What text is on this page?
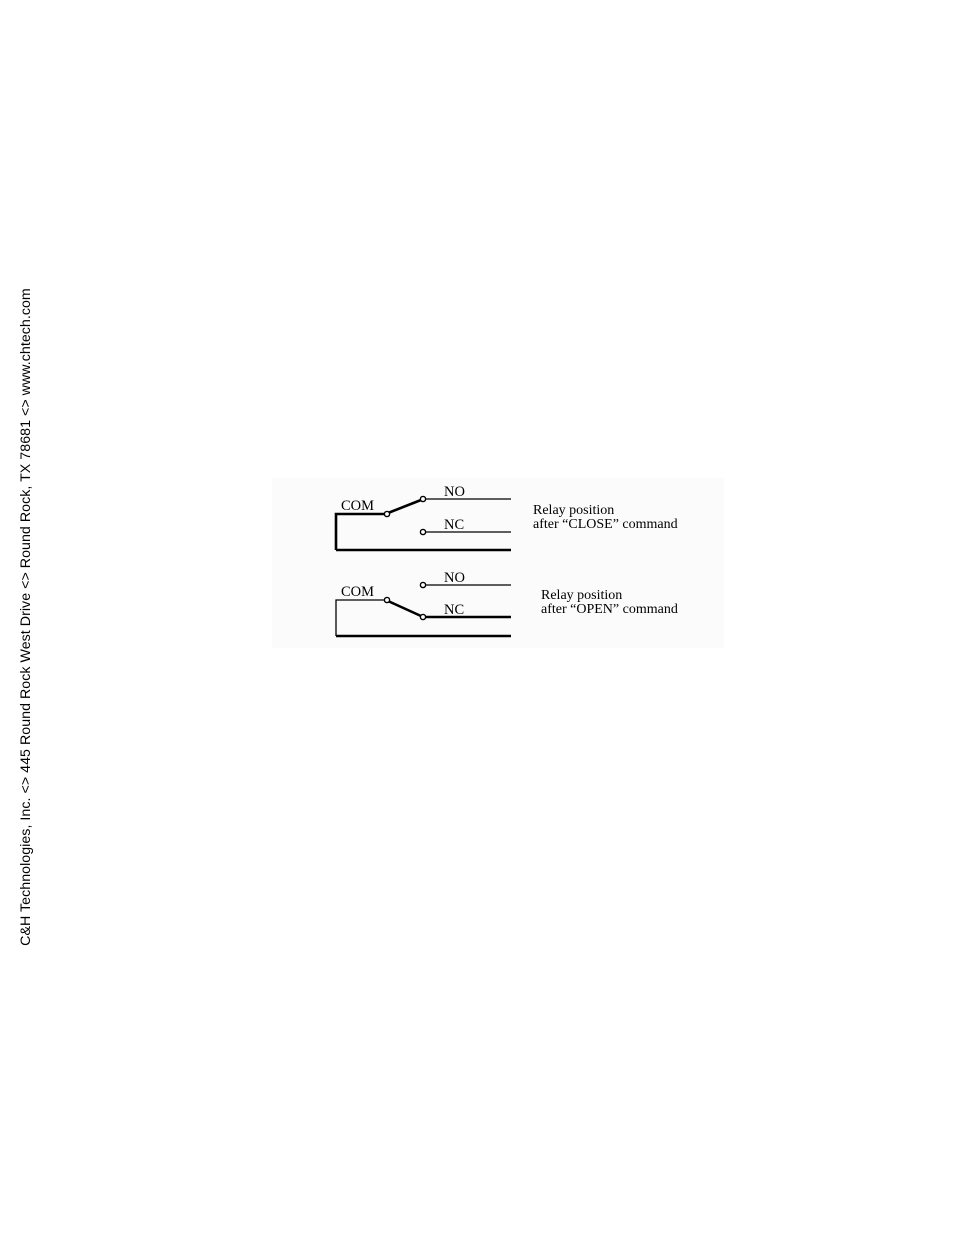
C&H Technologies, Inc. <> 445 Round Rock West Drive <> Round Rock, TX 78681 <> www.chtech.com	COM
NO
NC
Relay position
after “CLOSE” command
COM
NO
NC
Relay position
after “OPEN” command
